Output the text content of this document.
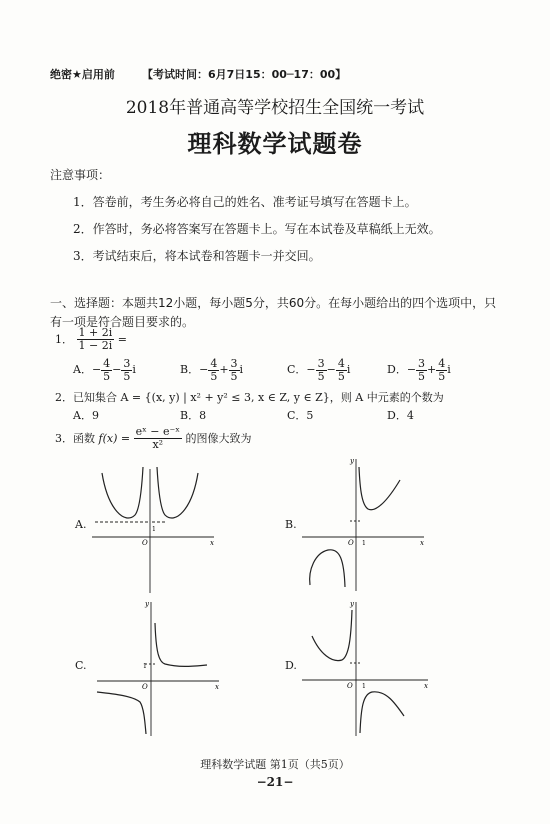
绝密★启用前 【考试时间：6月7日15：00─17：00】
2018年普通高等学校招生全国统一考试
理科数学试题卷
注意事项：
1．答卷前，考生务必将自己的姓名、准考证号填写在答题卡上。
2．作答时，务必将答案写在答题卡上。写在本试卷及草稿纸上无效。
3．考试结束后，将本试卷和答题卡一并交回。
一、选择题：本题共12小题，每小题5分，共60分。在每小题给出的四个选项中，只
有一项是符合题目要求的。
1． $\frac{1 + 2i}{1 - 2i}$ =
A．− $\frac{4}{5} - \frac{3}{5}$ i	B．− $\frac{4}{5} + \frac{3}{5}$ i	C．− $\frac{3}{5} - \frac{4}{5}$ i	D．− $\frac{3}{5} + \frac{4}{5}$ i
2．已知集合 A = {(x, y) | x² + y² ≤ 3, x ∈ Z, y ∈ Z}，则 A 中元素的个数为
A．9	B．8	C．5	D．4
3．函数 $f(x) = \frac{\text{eˣ − e⁻ˣ}}{\text{x²}}$ 的图像大致为
A.	B.
C.	D.
O
1
x
y
O 1	x
y
O
1
x
y
O 1	x
理科数学试题 第1页（共5页）
−21−
